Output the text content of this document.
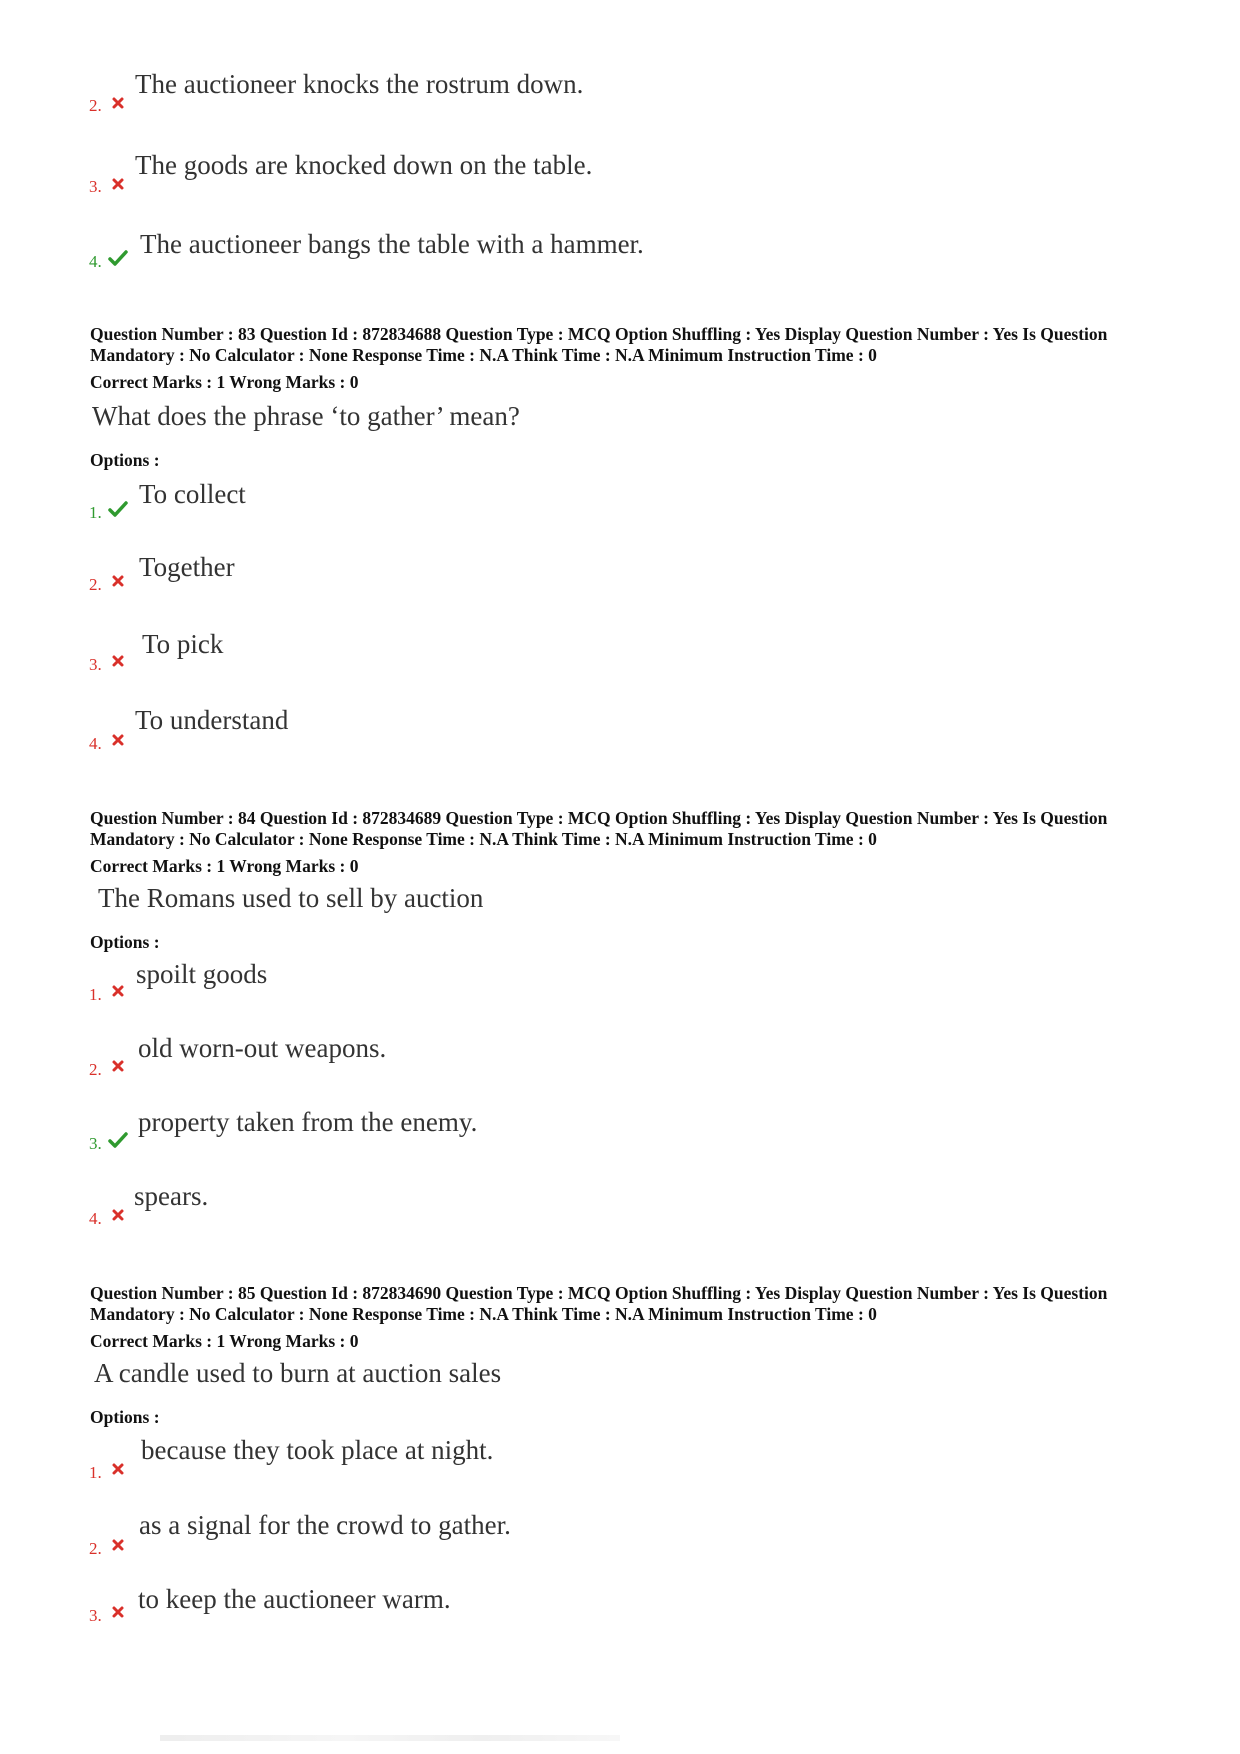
2.
The auctioneer knocks the rostrum down.
3.
The goods are knocked down on the table.
4.
The auctioneer bangs the table with a hammer.
Question Number : 83 Question Id : 872834688 Question Type : MCQ Option Shuffling : Yes Display Question Number : Yes Is Question Mandatory : No Calculator : None Response Time : N.A Think Time : N.A Minimum Instruction Time : 0
Correct Marks : 1 Wrong Marks : 0
What does the phrase ‘to gather’ mean?
Options :
1.
To collect
2.
Together
3.
To pick
4.
To understand
Question Number : 84 Question Id : 872834689 Question Type : MCQ Option Shuffling : Yes Display Question Number : Yes Is Question Mandatory : No Calculator : None Response Time : N.A Think Time : N.A Minimum Instruction Time : 0
Correct Marks : 1 Wrong Marks : 0
The Romans used to sell by auction
Options :
1.
spoilt goods
2.
old worn-out weapons.
3.
property taken from the enemy.
4.
spears.
Question Number : 85 Question Id : 872834690 Question Type : MCQ Option Shuffling : Yes Display Question Number : Yes Is Question Mandatory : No Calculator : None Response Time : N.A Think Time : N.A Minimum Instruction Time : 0
Correct Marks : 1 Wrong Marks : 0
A candle used to burn at auction sales
Options :
1.
because they took place at night.
2.
as a signal for the crowd to gather.
3.
to keep the auctioneer warm.
